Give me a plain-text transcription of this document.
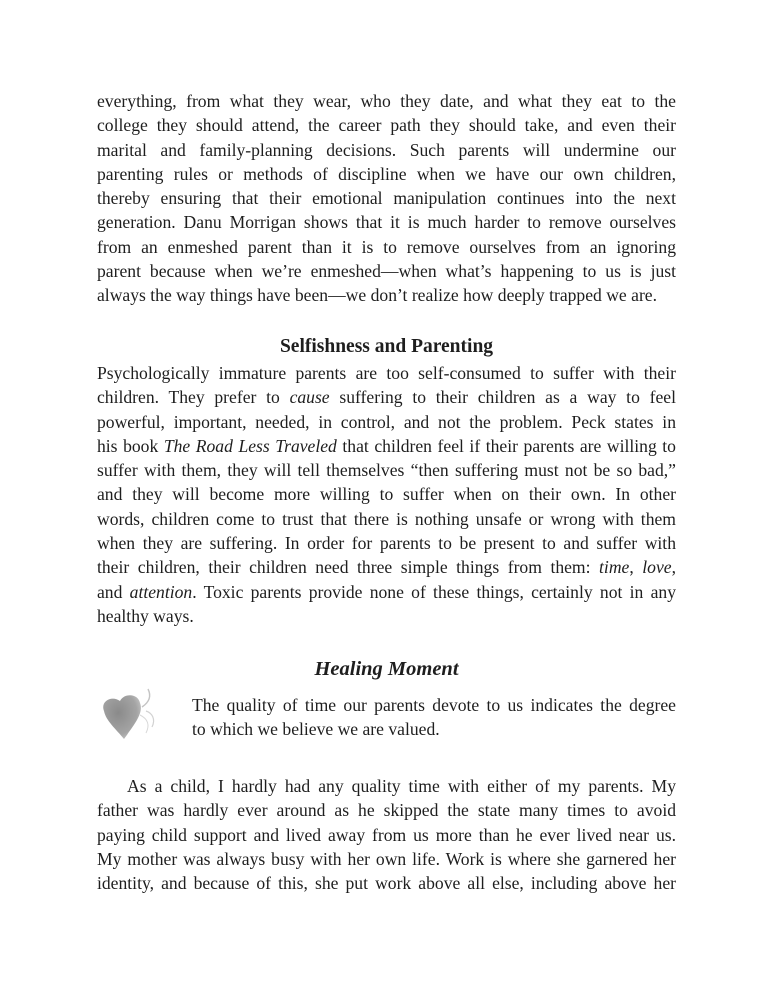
everything, from what they wear, who they date, and what they eat to the
college they should attend, the career path they should take, and even their
marital and family-planning decisions. Such parents will undermine our
parenting rules or methods of discipline when we have our own children,
thereby ensuring that their emotional manipulation continues into the next
generation. Danu Morrigan shows that it is much harder to remove ourselves
from an enmeshed parent than it is to remove ourselves from an ignoring
parent because when we’re enmeshed—when what’s happening to us is just
always the way things have been—we don’t realize how deeply trapped we are.

Selfishness and Parenting

Psychologically immature parents are too self-consumed to suffer with their
children. They prefer to cause suffering to their children as a way to feel
powerful, important, needed, in control, and not the problem. Peck states in
his book The Road Less Traveled that children feel if their parents are willing to
suffer with them, they will tell themselves “then suffering must not be so bad,”
and they will become more willing to suffer when on their own. In other
words, children come to trust that there is nothing unsafe or wrong with them
when they are suffering. In order for parents to be present to and suffer with
their children, their children need three simple things from them: time, love,
and attention. Toxic parents provide none of these things, certainly not in any
healthy ways.

Healing Moment

The quality of time our parents devote to us indicates the degree
to which we believe we are valued.

As a child, I hardly had any quality time with either of my parents. My
father was hardly ever around as he skipped the state many times to avoid
paying child support and lived away from us more than he ever lived near us.
My mother was always busy with her own life. Work is where she garnered her
identity, and because of this, she put work above all else, including above her
